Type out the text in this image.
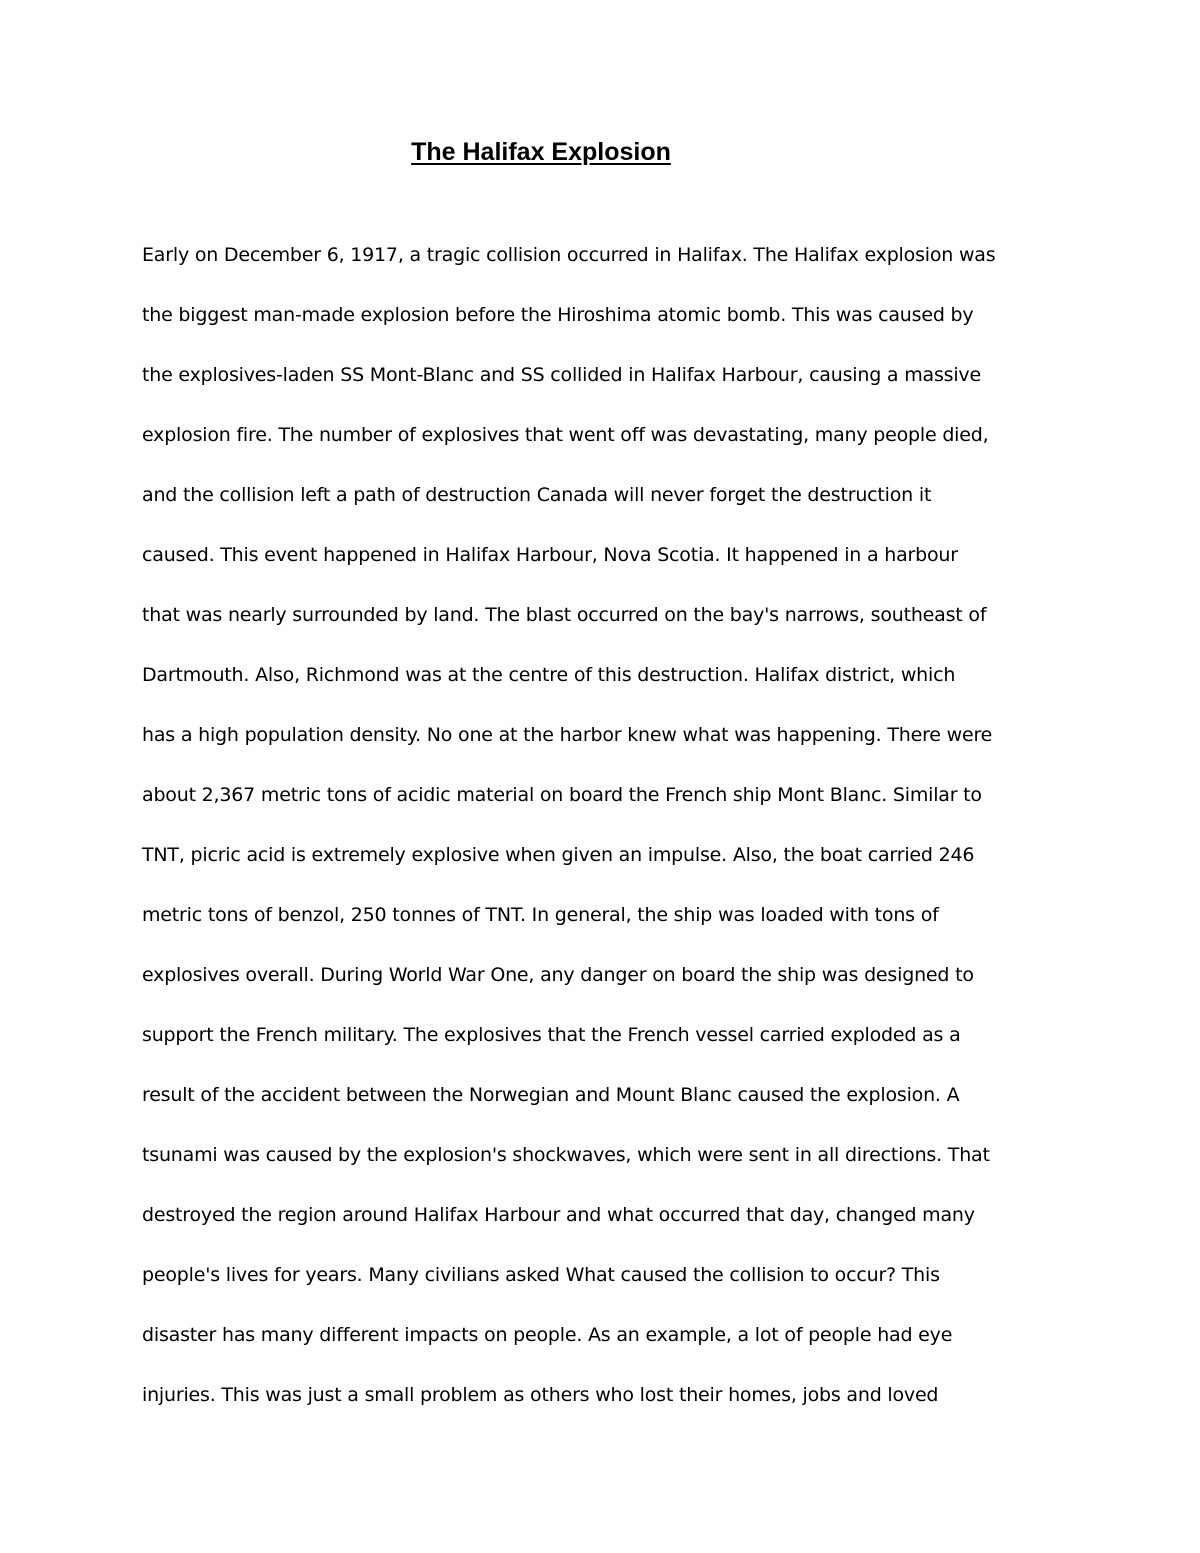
The Halifax Explosion
Early on December 6, 1917, a tragic collision occurred in Halifax. The Halifax explosion was
the biggest man-made explosion before the Hiroshima atomic bomb. This was caused by
the explosives-laden SS Mont-Blanc and SS collided in Halifax Harbour, causing a massive
explosion fire. The number of explosives that went off was devastating, many people died,
and the collision left a path of destruction Canada will never forget the destruction it
caused. This event happened in Halifax Harbour, Nova Scotia. It happened in a harbour
that was nearly surrounded by land. The blast occurred on the bay's narrows, southeast of
Dartmouth. Also, Richmond was at the centre of this destruction. Halifax district, which
has a high population density. No one at the harbor knew what was happening. There were
about 2,367 metric tons of acidic material on board the French ship Mont Blanc. Similar to
TNT, picric acid is extremely explosive when given an impulse. Also, the boat carried 246
metric tons of benzol, 250 tonnes of TNT. In general, the ship was loaded with tons of
explosives overall. During World War One, any danger on board the ship was designed to
support the French military. The explosives that the French vessel carried exploded as a
result of the accident between the Norwegian and Mount Blanc caused the explosion. A
tsunami was caused by the explosion's shockwaves, which were sent in all directions. That
destroyed the region around Halifax Harbour and what occurred that day, changed many
people's lives for years. Many civilians asked What caused the collision to occur? This
disaster has many different impacts on people. As an example, a lot of people had eye
injuries. This was just a small problem as others who lost their homes, jobs and loved
